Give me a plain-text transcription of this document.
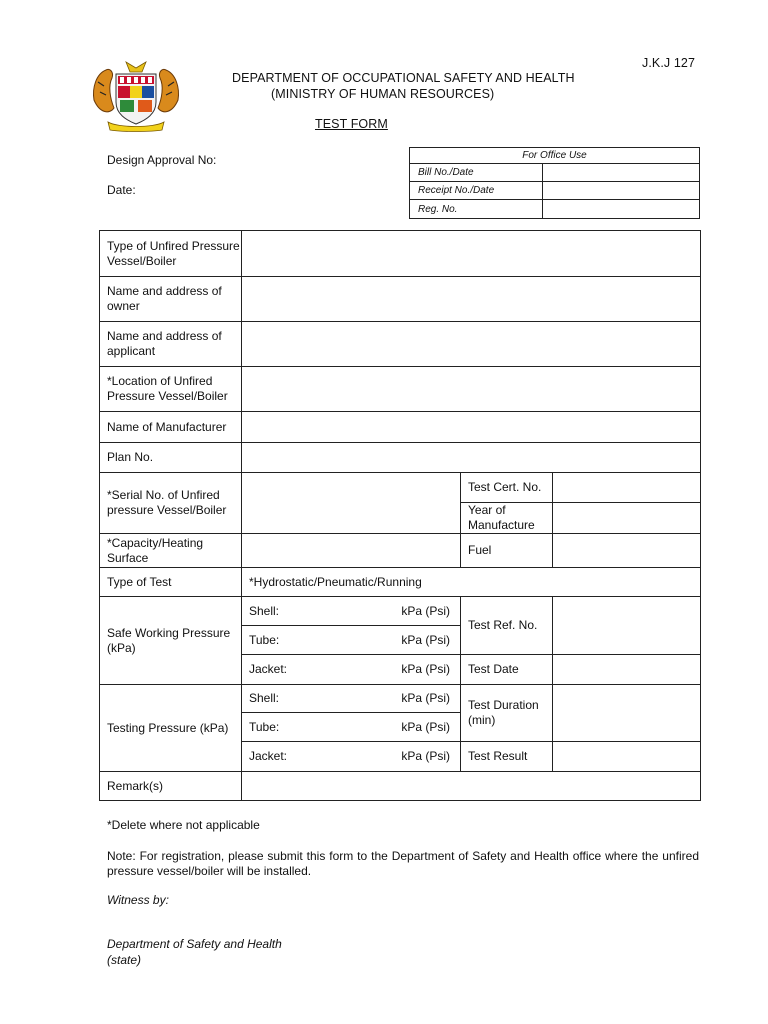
J.K.J 127
DEPARTMENT OF OCCUPATIONAL SAFETY AND HEALTH
(MINISTRY OF HUMAN RESOURCES)
TEST FORM
Design Approval No:
Date:
For Office Use	
Bill No./Date	
Receipt No./Date	
Reg. No.	
Type of Unfired Pressure Vessel/Boiler			
Name and address of owner			
Name and address of applicant			
*Location of Unfired Pressure Vessel/Boiler			
Name of Manufacturer			
Plan No.			
*Serial No. of Unfired pressure Vessel/Boiler		Test Cert. No.	
		Year of Manufacture	
*Capacity/Heating Surface		Fuel	
Type of Test	*Hydrostatic/Pneumatic/Running		
Safe Working Pressure (kPa)	Shell: kPa (Psi)	Test Ref. No.	
	Tube: kPa (Psi)		

	Jacket: kPa (Psi)	Test Date	
Testing Pressure (kPa)	Shell: kPa (Psi)	Test Duration (min)	
	Tube: kPa (Psi)		

	Jacket: kPa (Psi)	Test Result	
Remark(s)			
*Delete where not applicable
Note: For registration, please submit this form to the Department of Safety and Health office where the unfired pressure vessel/boiler will be installed.
Witness by:
Department of Safety and Health
(state)
